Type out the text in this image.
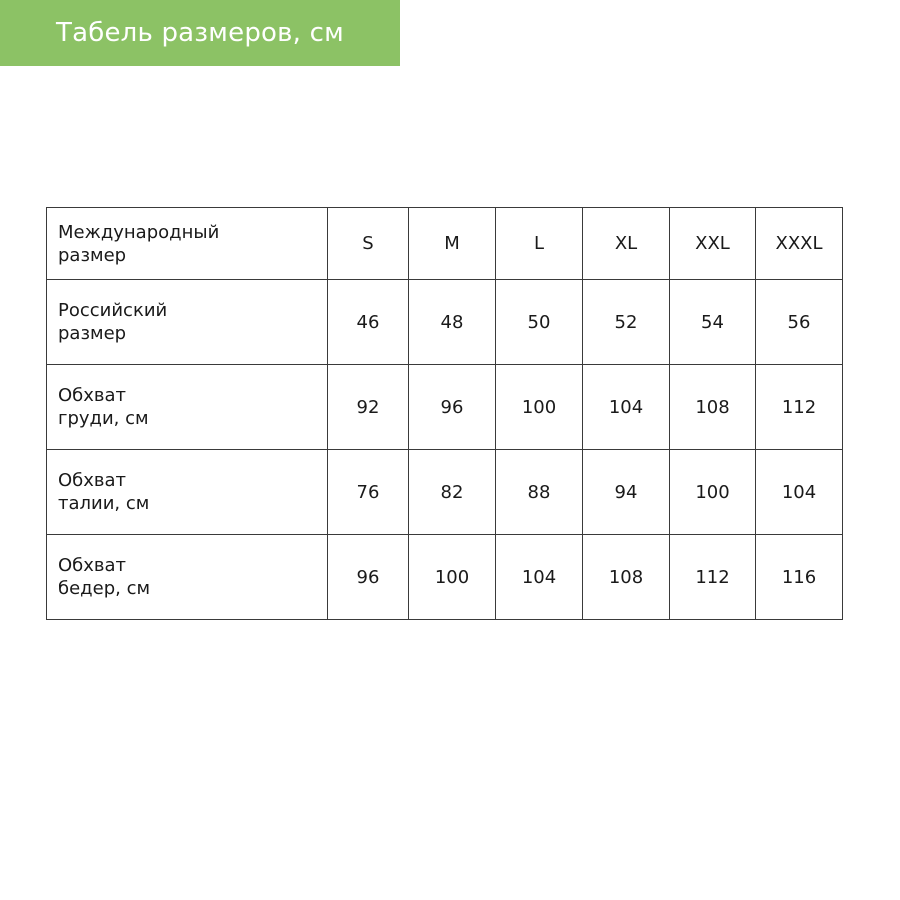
Табель размеров, см
Международный
размер	S	M	L	XL	XXL	XXXL

Российский
размер	46	48	50	52	54	56

Обхват
груди, см	92	96	100	104	108	112

Обхват
талии, см	76	82	88	94	100	104

Обхват
бедер, см	96	100	104	108	112	116
